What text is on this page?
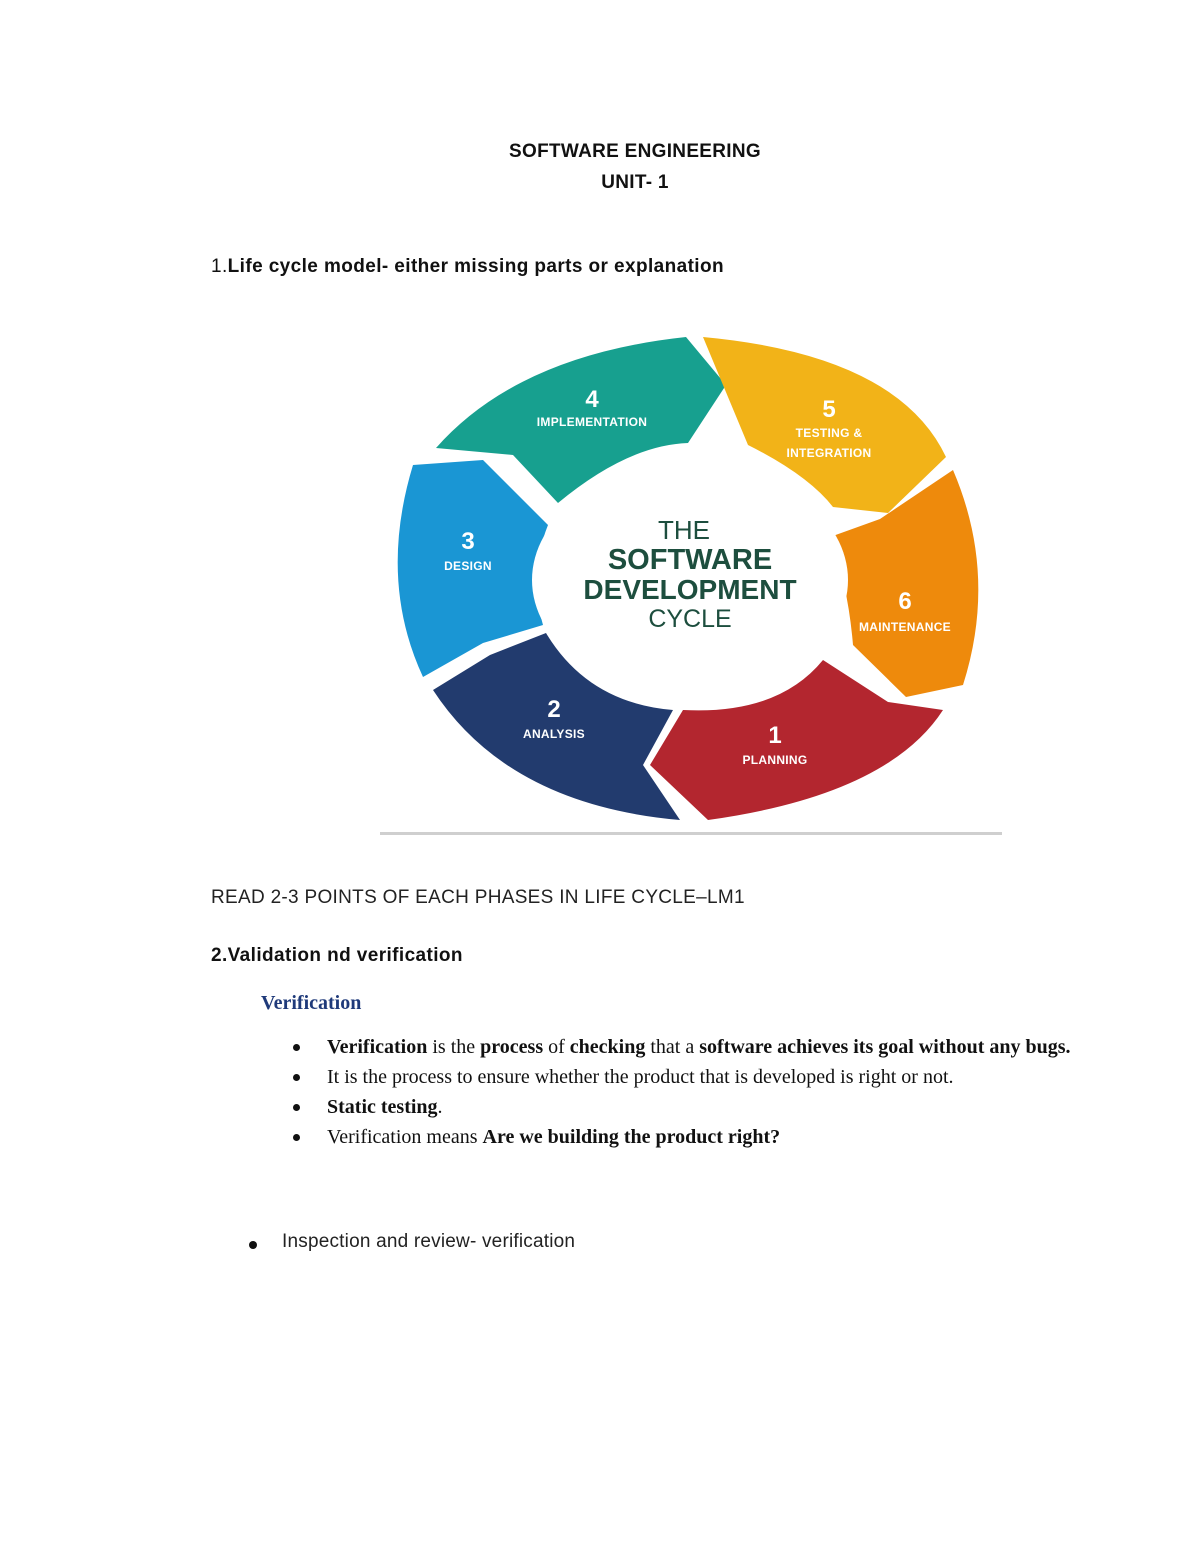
SOFTWARE ENGINEERING
UNIT- 1
1.Life cycle model- either missing parts or explanation
4
IMPLEMENTATION	5
TESTING &
INTEGRATION
6
MAINTENANCE
1
PLANNING
2
ANALYSIS
3
DESIGN
THE
SOFTWARE
DEVELOPMENT
CYCLE
READ 2-3 POINTS OF EACH PHASES IN LIFE CYCLE–LM1
2.Validation nd verification
Verification
Verification is the process of checking that a software achieves its goal without any bugs.
It is the process to ensure whether the product that is developed is right or not.
Static testing.
Verification means Are we building the product right?
Inspection and review- verification
